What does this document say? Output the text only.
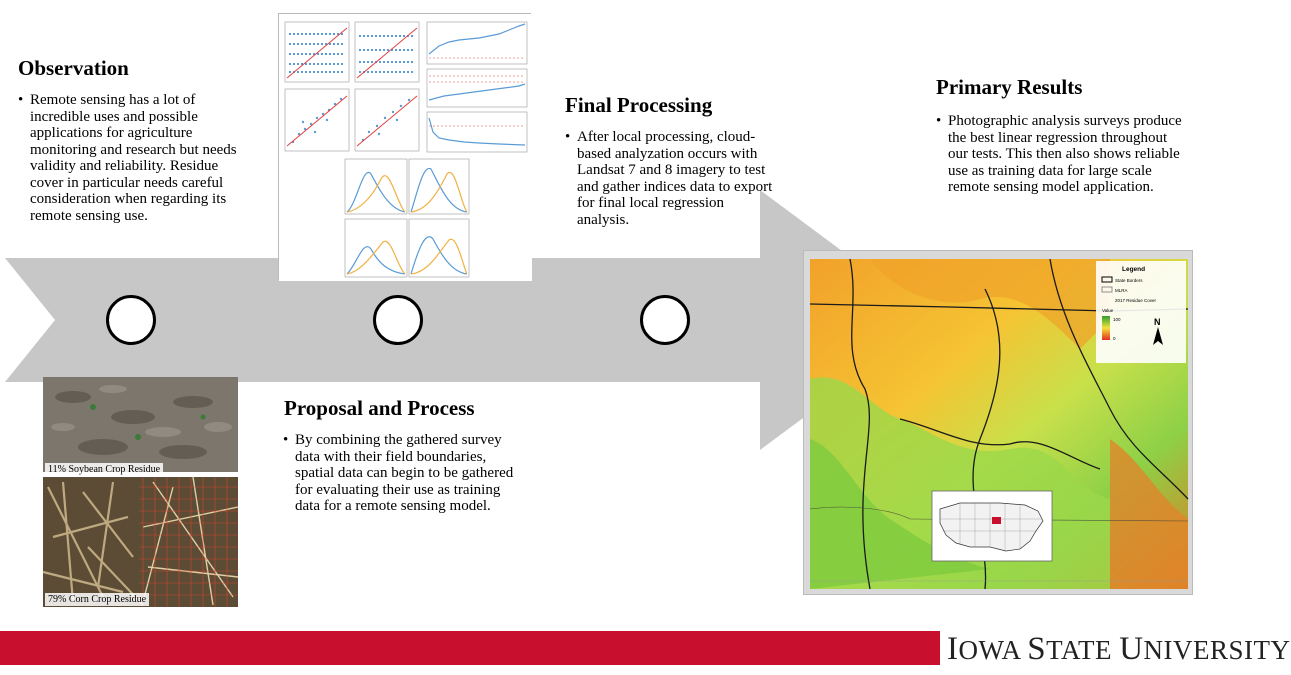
Observation

• Remote sensing has a lot of incredible uses and possible applications for agriculture monitoring and research but needs validity and reliability. Residue cover in particular needs careful consideration when regarding its remote sensing use.

Proposal and Process

• By combining the gathered survey data with their field boundaries, spatial data can begin to be gathered for evaluating their use as training data for a remote sensing model.

Final Processing

• After local processing, cloud-based analyzation occurs with Landsat 7 and 8 imagery to test and gather indices data to export for final local regression analysis.

Primary Results

• Photographic analysis surveys produce the best linear regression throughout our tests. This then also shows reliable use as training data for large scale remote sensing model application.

11% Soybean Crop Residue
79% Corn Crop Residue
Legend
State Borders
MLRA
2017 Residue Cover
Value
100
0
N
IOWA STATE UNIVERSITY
